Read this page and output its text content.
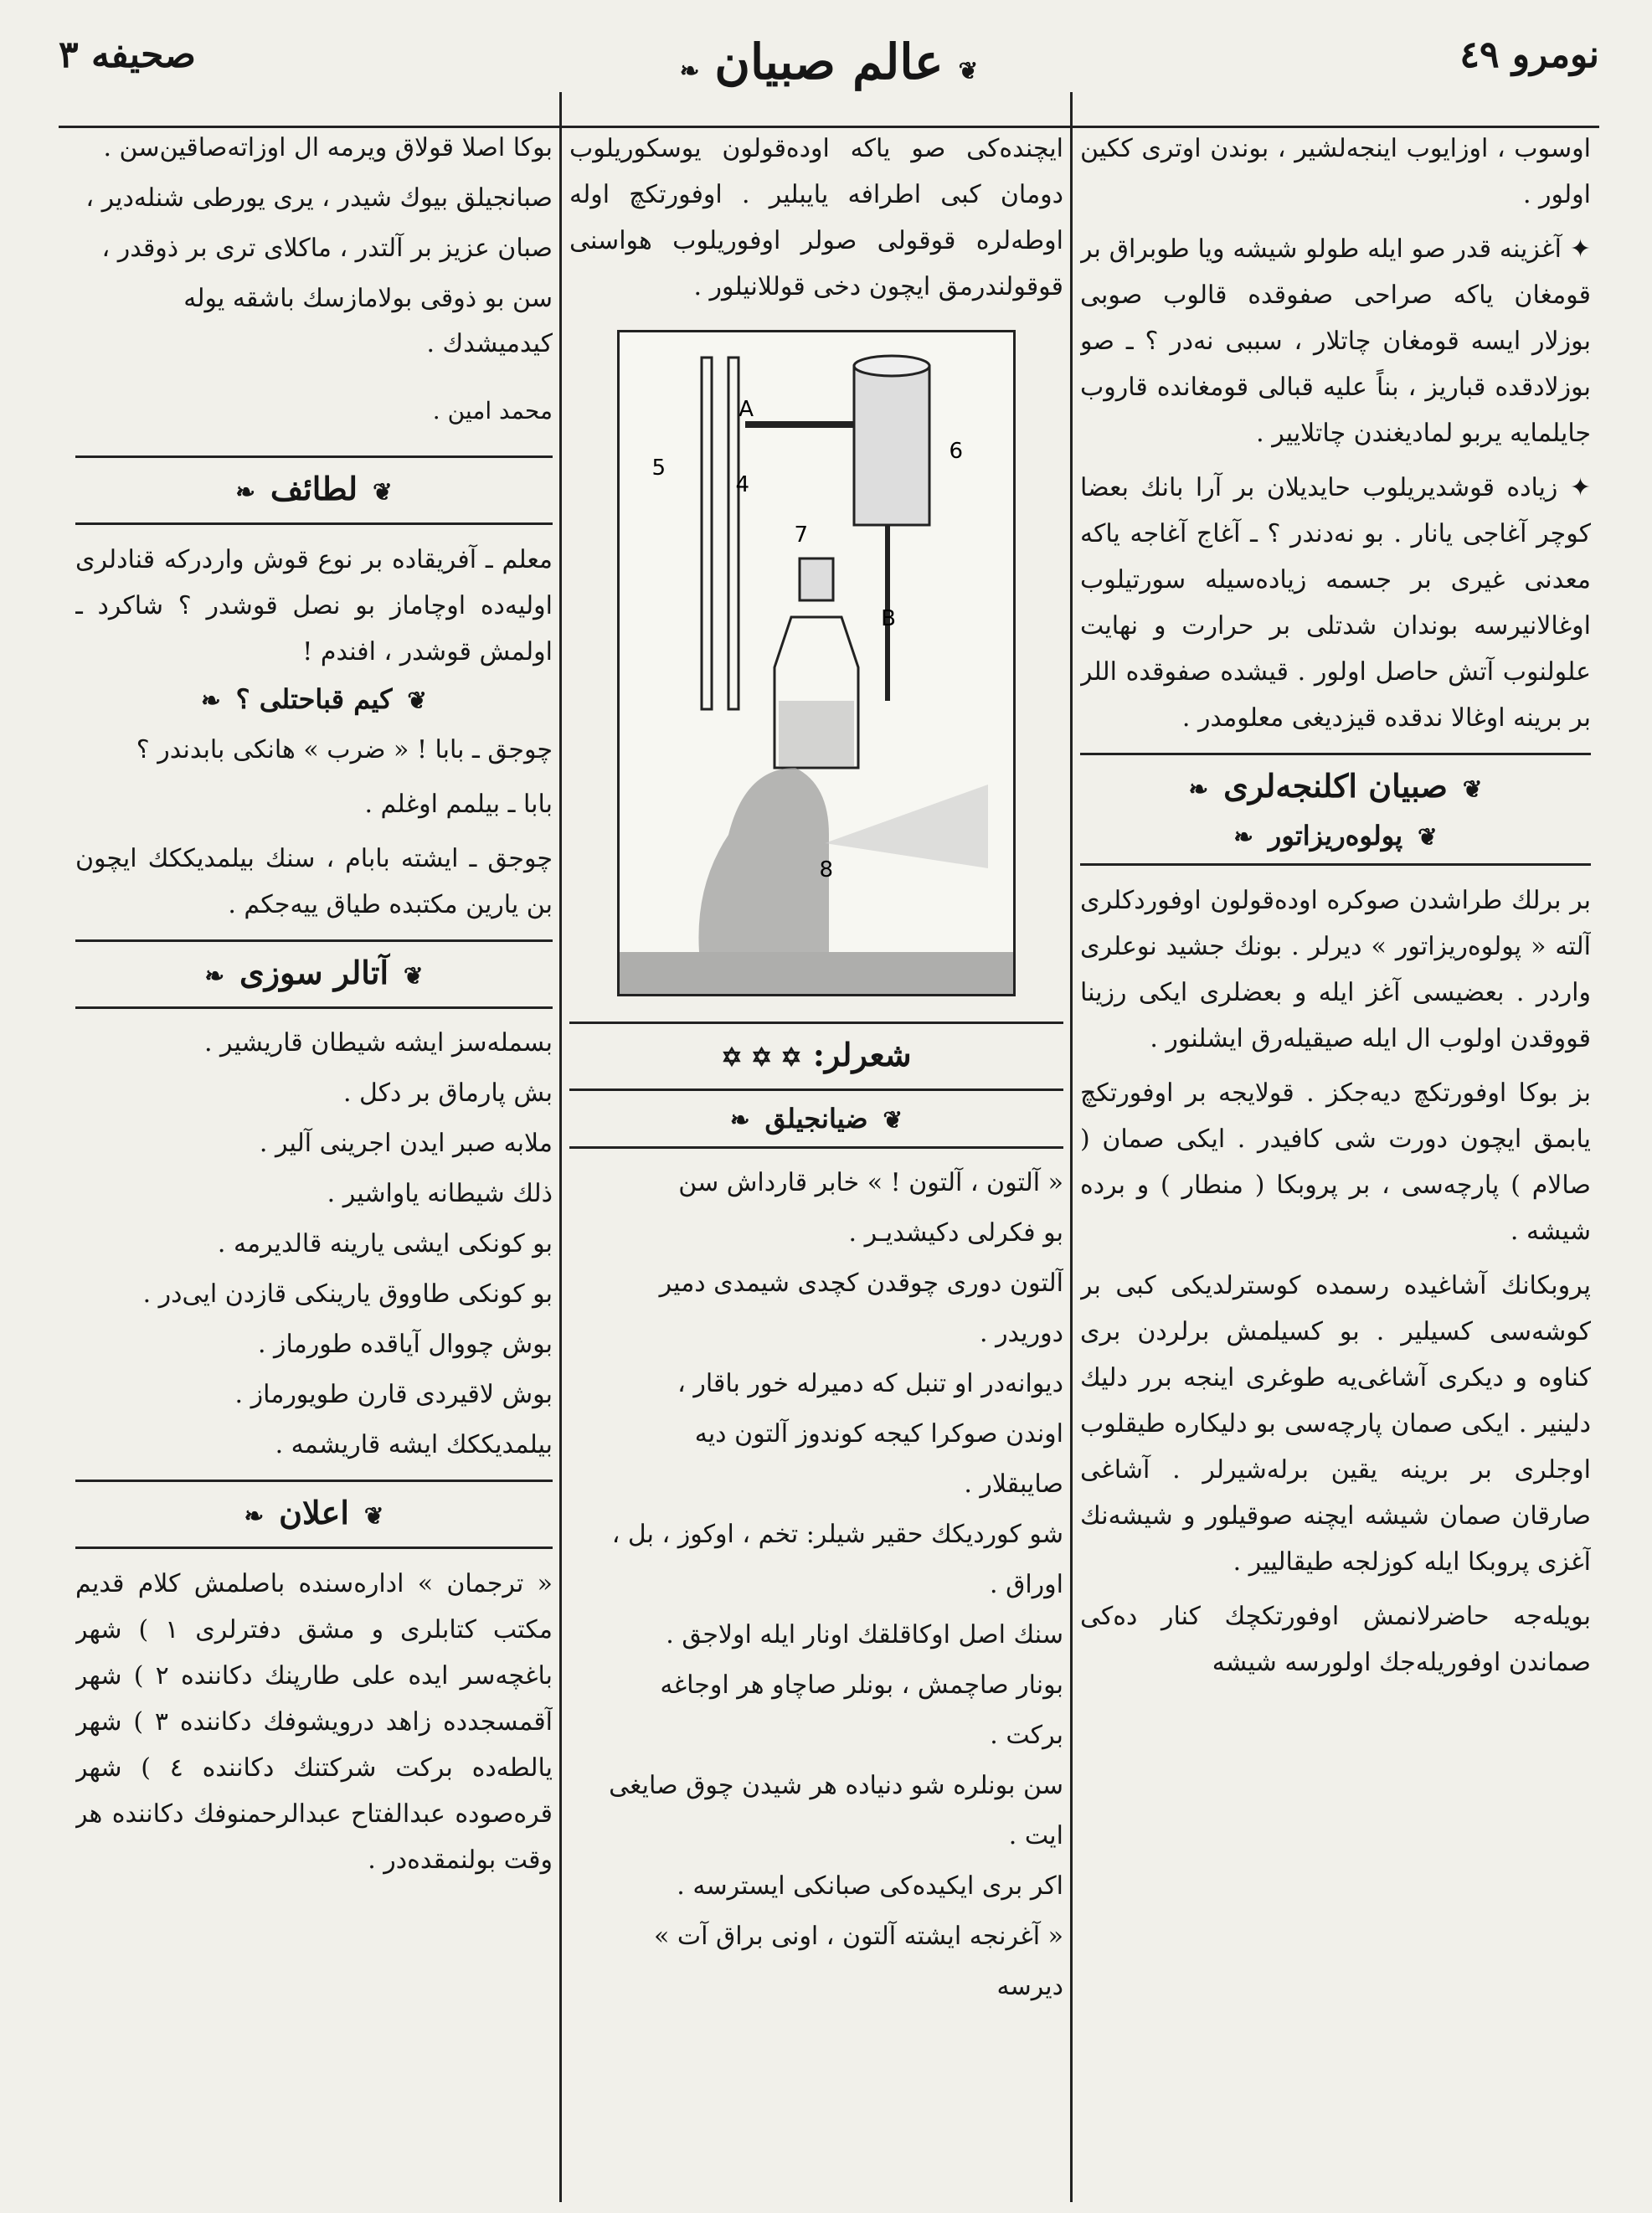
نومرو ٤٩
❦عالم صبيان❧
صحيفه ٣

اوسوب ، اوزايوب اينجه‌لشير ، بوندن اوتری ككين اولور .

✦ آغزينه قدر صو ايله طولو شيشه ويا طوبراق بر قومغان ياكه صراحی صفوقده قالوب صوبی بوزلار ايسه قومغان چاتلار ، سببی نه‌در ؟ ـ صو بوزلادقده قباريز ، بناً عليه قبالی قومغانده قاروب جايلمايه‌ يربو لماديغندن چاتلايير .

✦ زياده قوشديريلوب حايديلان بر آرا بانك بعضا كوچر آغاجی يانار . بو نه‌دندر ؟ ـ آغاج آغاجه ياكه معدنی غيری بر جسمه زياده‌سيله سورتيلوب اوغالانيرسه بوندان شدتلی بر حرارت و نهايت علولنوب آتش حاصل اولور . قيشده صفوقده اللر بر برينه اوغالا ندقده قيزديغی معلومدر .

❦صبيان اكلنجه‌لری❧
❦پولوه‌ريزاتور❧

بر برلك طراشدن صوكره اوده‌قولون اوفوردكلری آلته « پولوه‌ريزاتور » ديرلر . بونك جشيد نوعلری واردر . بعضيسی آغز ايله و بعضلری ايكی رزينا قووقدن اولوب ال ايله صيقيله‌رق ايشلنور .

بز بوكا اوفورتكچ ديه‌جكز . قولايجه بر اوفورتكچ يابمق ايچون دورت شی كافيدر . ايكی صمان ( صالام ) پارچه‌سی ، بر پروبكا ( منطار ) و برده شيشه .

پروبكانك آشاغيده رسمده كوسترلديكی كبی بر كوشه‌سی كسيلير . بو كسيلمش برلردن بری كناوه و ديكری آشاغی‌يه طوغری اينجه برر دليك دلينير . ايكی صمان پارچه‌سی بو دليكاره طيقلوب اوجلری بر برينه يقين برله‌شيرلر . آشاغی صارقان صمان شيشه ايچنه صوقيلور و شيشه‌نك آغزی پروبكا ايله كوزلجه طيقاليير .

بويله‌جه حاضرلانمش اوفورتكچك كنار ده‌كی صماندن اوفوريله‌جك اولورسه شيشه

ايچنده‌كی صو ياكه اوده‌قولون يوسكوريلوب دومان كبی اطرافه يايبلير . اوفورتكچ اوله اوطه‌لره قوقولی صولر اوفوريلوب هواسنی قوقولندرمق ايچون دخی قوللانيلور .

A
B
4
5
6
7
8
شعرلر: ✡ ✡ ✡
❦ضيانجيلق❧

« آلتون ، آلتون ! » خابر قارداش سن

بو فكرلی دكيشديـر .

آلتون دوری چوقدن كچدی شيمدی دمير

دوريدر .

ديوانه‌در او تنبل كه دميرله خور باقار ،

اوندن صوكرا كيجه كوندوز آلتون ديه

صايبقلار .

شو كورديكك حقير شيلر: تخم ، اوكوز ، بل ،

اوراق .

سنك اصل اوكاقلقك اونار ايله اولاجق .

بونار صاچمش ، بونلر صاچاو هر اوجاغه

بركت .

سن بونلره شو دنياده هر شيدن چوق صايغی

ايت .

اكر بری ايكيده‌كی صبانكی ايسترسه .

« آغرنجه ايشته آلتون ، اونی براق آت »

ديرسه

بوكا اصلا قولاق ويرمه ال اوزاته‌صاقين‌سن .

صبانجيلق بيوك شيدر ، يری يورطی شنله‌دير ،

صبان عزيز بر آلتدر ، ماكلای تری بر ذوقدر ،

سن بو ذوقی بولامازسك باشقه يوله كيدميشدك .

محمد امين .

❦لطائف❧

معلم ـ آفريقاده بر نوع قوش واردركه قنادلری اوليه‌ده اوچاماز بو نصل قوشدر ؟ شاكرد ـ اولمش قوشدر ، افندم !

❦كيم قباحتلی ؟❧

چوجق ـ بابا ! « ضرب » هانكی بابدندر ؟

بابا ـ بيلمم اوغلم .

چوجق ـ ايشته بابام ، سنك بيلمديككك ايچون بن يارين مكتبده طياق ييه‌جكم .

❦آتالر سوزی❧

بسمله‌سز ايشه شيطان قاريشير .

بش پارماق بر دكل .

ملابه صبر ايدن اجرينی آلير .

ذلك شيطانه ياواشير .

بو كونكی ايشی يارينه قالديرمه .

بو كونكی طاووق يارينكی قازدن ايی‌در .

بوش چووال آياقده طورماز .

بوش لاقيردی قارن طويورماز .

بيلمديككك ايشه قاريشمه .

❦اعلان❧

« ترجمان » اداره‌سنده باصلمش كلام قديم مكتب كتابلری و مشق دفترلری ١ ) شهر باغچه‌سر ايده علی طارپنك دكاننده ٢ ) شهر آقمسجدده زاهد درويشوفك دكاننده ٣ ) شهر يالطه‌ده بركت شركتنك دكاننده ٤ ) شهر قره‌صوده عبدالفتاح عبدالرحمنوفك دكاننده هر وقت بولنمقده‌در .
